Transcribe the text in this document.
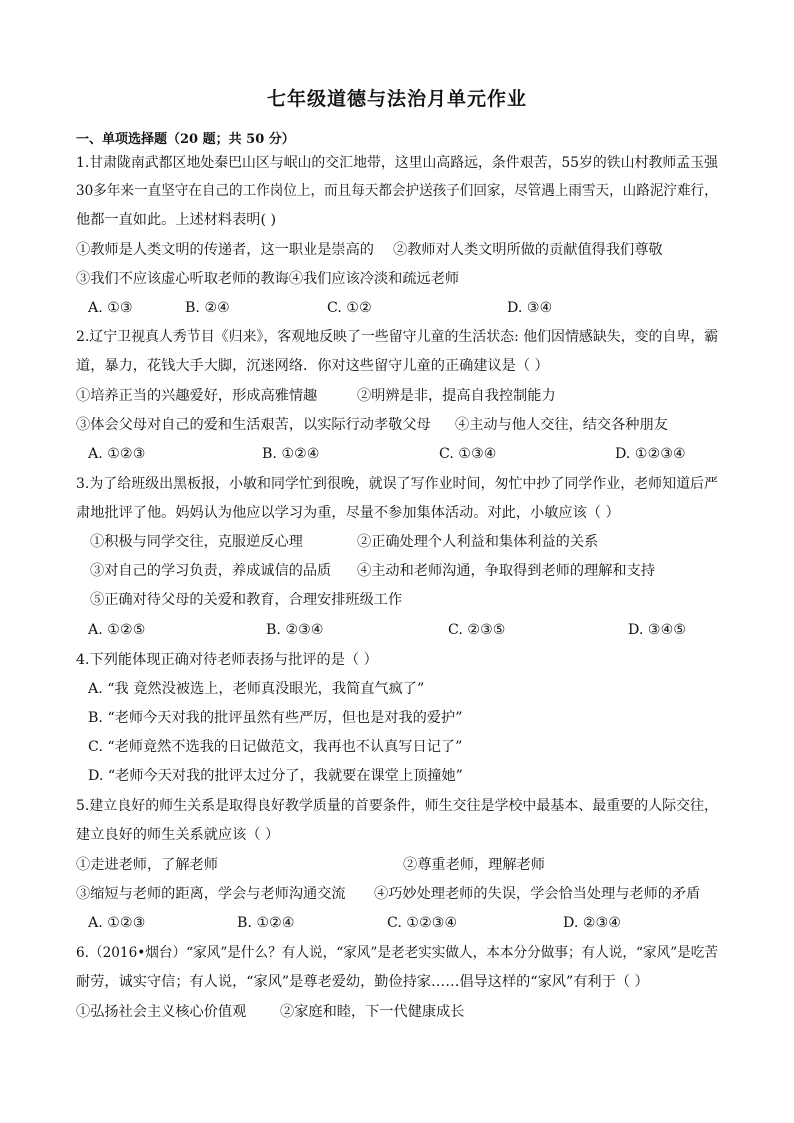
七年级道德与法治月单元作业
一、单项选择题（20 题；共 50 分）
1.甘肃陇南武都区地处秦巴山区与岷山的交汇地带，这里山高路远，条件艰苦，55岁的铁山村教师孟玉强
30多年来一直坚守在自己的工作岗位上，而且每天都会护送孩子们回家，尽管遇上雨雪天，山路泥泞难行，
他都一直如此。上述材料表明( )
①教师是人类文明的传递者，这一职业是崇高的 ②教师对人类文明所做的贡献值得我们尊敬
③我们不应该虚心听取老师的教诲④我们应该冷淡和疏远老师
A. ①③	B. ②④	C. ①②	D. ③④
2.辽宁卫视真人秀节目《归来》，客观地反映了一些留守儿童的生活状态: 他们因情感缺失，变的自卑，霸
道，暴力，花钱大手大脚，沉迷网络．你对这些留守儿童的正确建议是（ ）
①培养正当的兴趣爱好，形成高雅情趣	②明辨是非，提高自我控制能力
③体会父母对自己的爱和生活艰苦，以实际行动孝敬父母 ④主动与他人交往，结交各种朋友
A. ①②③	B. ①②④	C. ①③④	D. ①②③④
3.为了给班级出黑板报，小敏和同学忙到很晚，就误了写作业时间，匆忙中抄了同学作业，老师知道后严
肃地批评了他。妈妈认为他应以学习为重，尽量不参加集体活动。对此，小敏应该（ ）
①积极与同学交往，克服逆反心理	②正确处理个人利益和集体利益的关系
③对自己的学习负责，养成诚信的品质 ④主动和老师沟通，争取得到老师的理解和支持
⑤正确对待父母的关爱和教育，合理安排班级工作
A. ①②⑤	B. ②③④	C. ②③⑤	D. ③④⑤
4.下列能体现正确对待老师表扬与批评的是（ ）
A. “我 竟然没被选上，老师真没眼光，我简直气疯了”
B. “老师今天对我的批评虽然有些严厉，但也是对我的爱护”
C. “老师竟然不选我的日记做范文，我再也不认真写日记了”
D. “老师今天对我的批评太过分了，我就要在课堂上顶撞她”
5.建立良好的师生关系是取得良好教学质量的首要条件，师生交往是学校中最基本、最重要的人际交往，
建立良好的师生关系就应该（ ）
①走进老师，了解老师	②尊重老师，理解老师
③缩短与老师的距离，学会与老师沟通交流 ④巧妙处理老师的失误，学会恰当处理与老师的矛盾
A. ①②③	B. ①②④	C. ①②③④	D. ②③④
6.（2016•烟台）“家风”是什么？有人说，“家风”是老老实实做人，本本分分做事；有人说，“家风”是吃苦
耐劳，诚实守信；有人说，“家风”是尊老爱幼，勤俭持家……倡导这样的“家风”有利于（ ）
①弘扬社会主义核心价值观 ②家庭和睦，下一代健康成长
